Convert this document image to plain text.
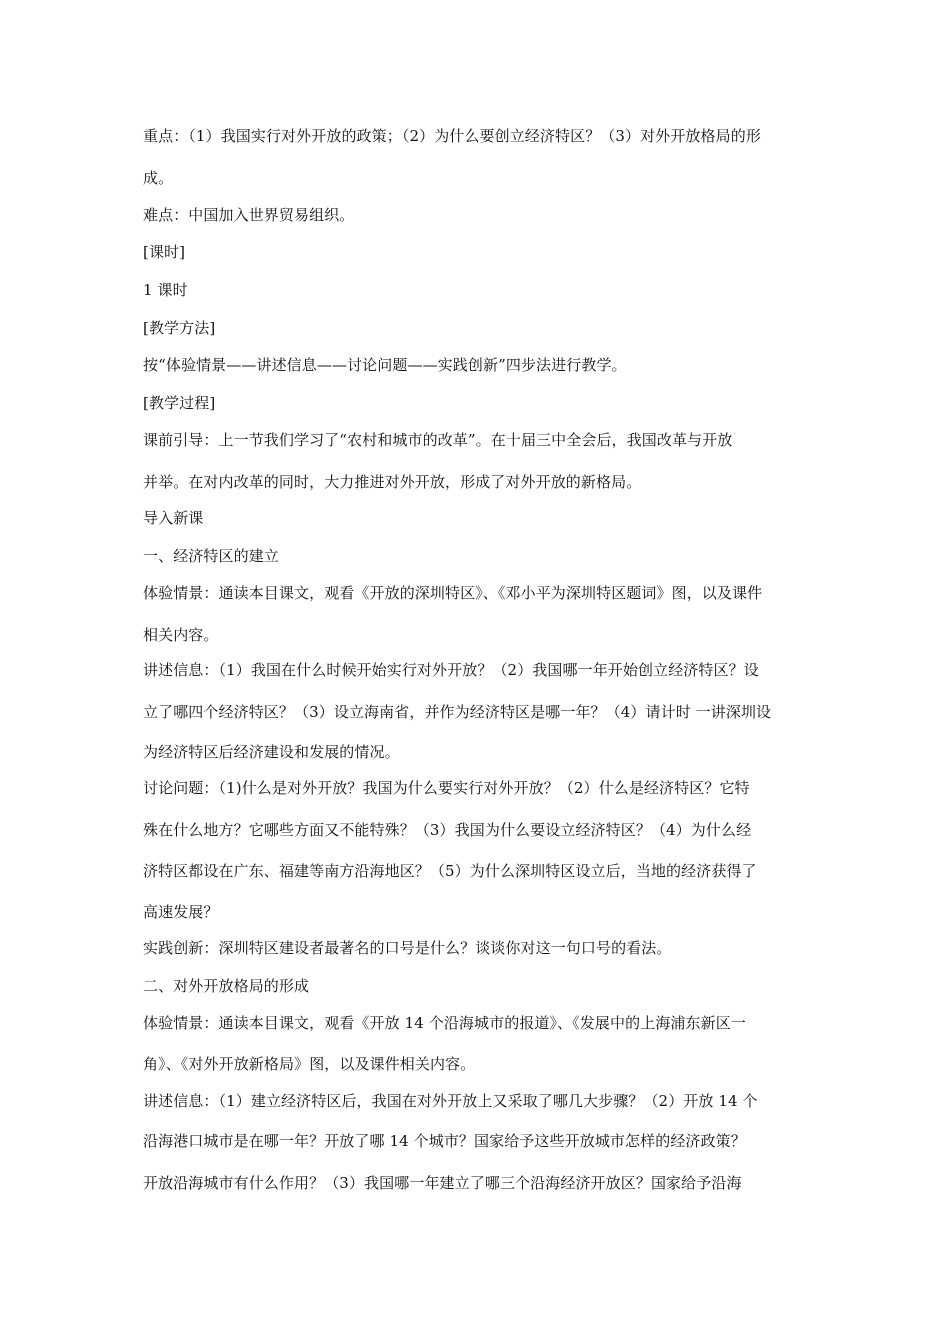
重点：（1）我国实行对外开放的政策；（2）为什么要创立经济特区？（3）对外开放格局的形
成。
难点：中国加入世界贸易组织。
[课时]
1 课时
[教学方法]
按“体验情景——讲述信息——讨论问题——实践创新”四步法进行教学。
[教学过程]
课前引导：上一节我们学习了“农村和城市的改革”。在十届三中全会后，我国改革与开放
并举。在对内改革的同时，大力推进对外开放，形成了对外开放的新格局。
导入新课
一、经济特区的建立
体验情景：通读本目课文，观看《开放的深圳特区》、《邓小平为深圳特区题词》图，以及课件
相关内容。
讲述信息：（1）我国在什么时候开始实行对外开放？（2）我国哪一年开始创立经济特区？设
立了哪四个经济特区？（3）设立海南省，并作为经济特区是哪一年？（4）请计时 一讲深圳设
为经济特区后经济建设和发展的情况。
讨论问题：（1)什么是对外开放？我国为什么要实行对外开放？（2）什么是经济特区？它特
殊在什么地方？它哪些方面又不能特殊？（3）我国为什么要设立经济特区？（4）为什么经
济特区都设在广东、福建等南方沿海地区？（5）为什么深圳特区设立后，当地的经济获得了
高速发展？
实践创新：深圳特区建设者最著名的口号是什么？谈谈你对这一句口号的看法。
二、对外开放格局的形成
体验情景：通读本目课文，观看《开放 14 个沿海城市的报道》、《发展中的上海浦东新区一
角》、《对外开放新格局》图，以及课件相关内容。
讲述信息：（1）建立经济特区后，我国在对外开放上又采取了哪几大步骤？（2）开放 14 个
沿海港口城市是在哪一年？开放了哪 14 个城市？国家给予这些开放城市怎样的经济政策？
开放沿海城市有什么作用？（3）我国哪一年建立了哪三个沿海经济开放区？国家给予沿海
